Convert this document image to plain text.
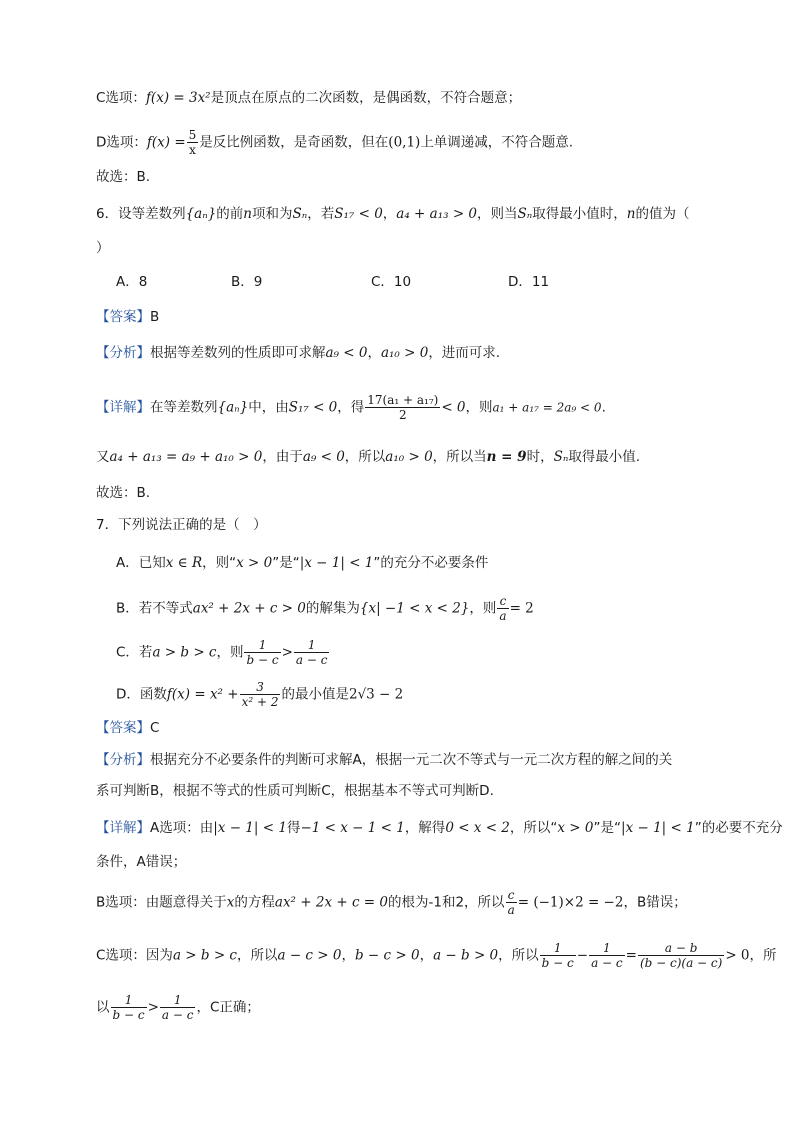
C选项：f(x) = 3x²是顶点在原点的二次函数，是偶函数，不符合题意；
D选项：$f(x) = \frac{5}{x}$ 是反比例函数，是奇函数，但在(0,1)上单调递减，不符合题意.
故选：B.
6．设等差数列{aₙ}的前n项和为Sₙ，若S₁₇ < 0，a₄ + a₁₃ > 0，则当Sₙ取得最小值时，n的值为（
）
A．8	B．9	C．10	D．11
【答案】B
【分析】根据等差数列的性质即可求解a₉ < 0，a₁₀ > 0，进而可求.
【详解】在等差数列{aₙ}中，由S₁₇ < 0，得 $\frac{\text{17(a₁ + a₁₇)}}{2} < 0$，则a₁ + a₁₇ = 2a₉ < 0.
又a₄ + a₁₃ = a₉ + a₁₀ > 0，由于a₉ < 0，所以a₁₀ > 0，所以当n = 9时，Sₙ取得最小值.
故选：B.
7．下列说法正确的是（　）
A．已知x ∈ R，则“x > 0”是“|x − 1| < 1”的充分不必要条件
B．若不等式ax² + 2x + c > 0的解集为{x| −1 < x < 2}，则 $\frac{c}{a} = 2$
C．若a > b > c，则 $\frac{1}{b - c} > \frac{1}{a - c}$
D．函数$f(x) = x^2 + \frac{3}{\text{x² + 2}}$ 的最小值是2√3 − 2
【答案】C
【分析】根据充分不必要条件的判断可求解A，根据一元二次不等式与一元二次方程的解之间的关
系可判断B，根据不等式的性质可判断C，根据基本不等式可判断D.
【详解】A选项：由|x − 1| < 1得−1 < x − 1 < 1，解得0 < x < 2，所以“x > 0”是“|x − 1| < 1”的必要不充分
条件，A错误；
B选项：由题意得关于x的方程ax² + 2x + c = 0的根为-1和2，所以 $\frac{c}{a} = (-1)\times 2 = -2$，B错误；
C选项：因为a > b > c，所以a − c > 0，b − c > 0，a − b > 0，所以 $\frac{1}{b - c} - \frac{1}{a - c} = \frac{a - b}{(b - c)(a - c)} > 0$，所
以 $\frac{1}{b - c} > \frac{1}{a - c}$ ，C正确；
